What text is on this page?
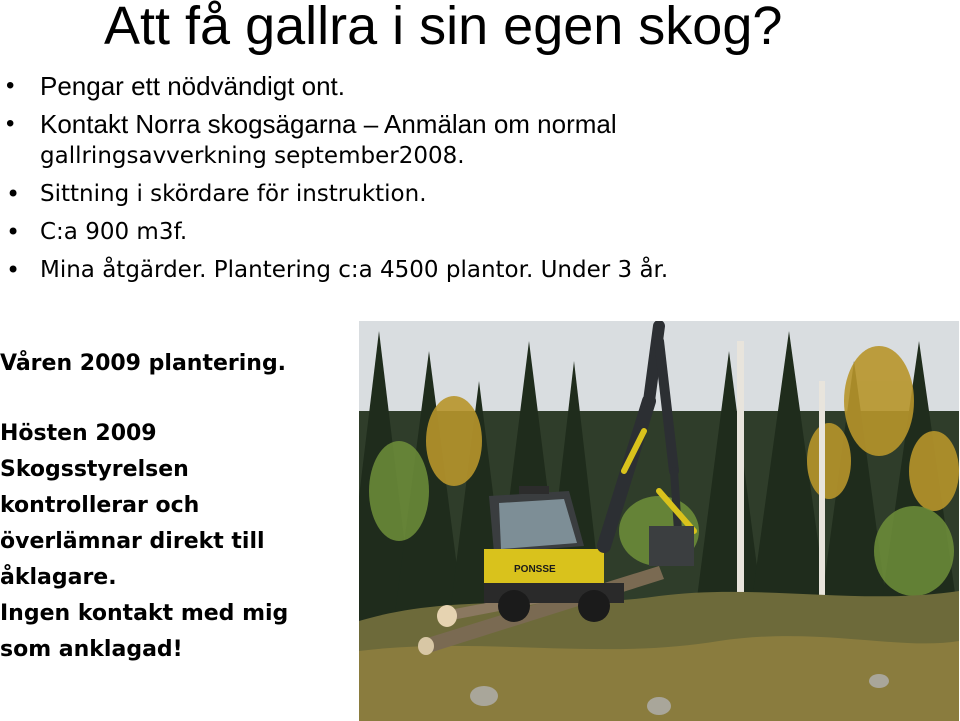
Att få gallra i sin egen skog?
• Pengar ett nödvändigt ont.
• Kontakt Norra skogsägarna – Anmälan om normal
gallringsavverkning september2008.
• Sittning i skördare för instruktion.
• C:a 900 m3f.
• Mina åtgärder. Plantering c:a 4500 plantor. Under 3 år.
Våren 2009 plantering.
Hösten 2009
Skogsstyrelsen
kontrollerar och
överlämnar direkt till
åklagare.
Ingen kontakt med mig
som anklagad!
PONSSE
